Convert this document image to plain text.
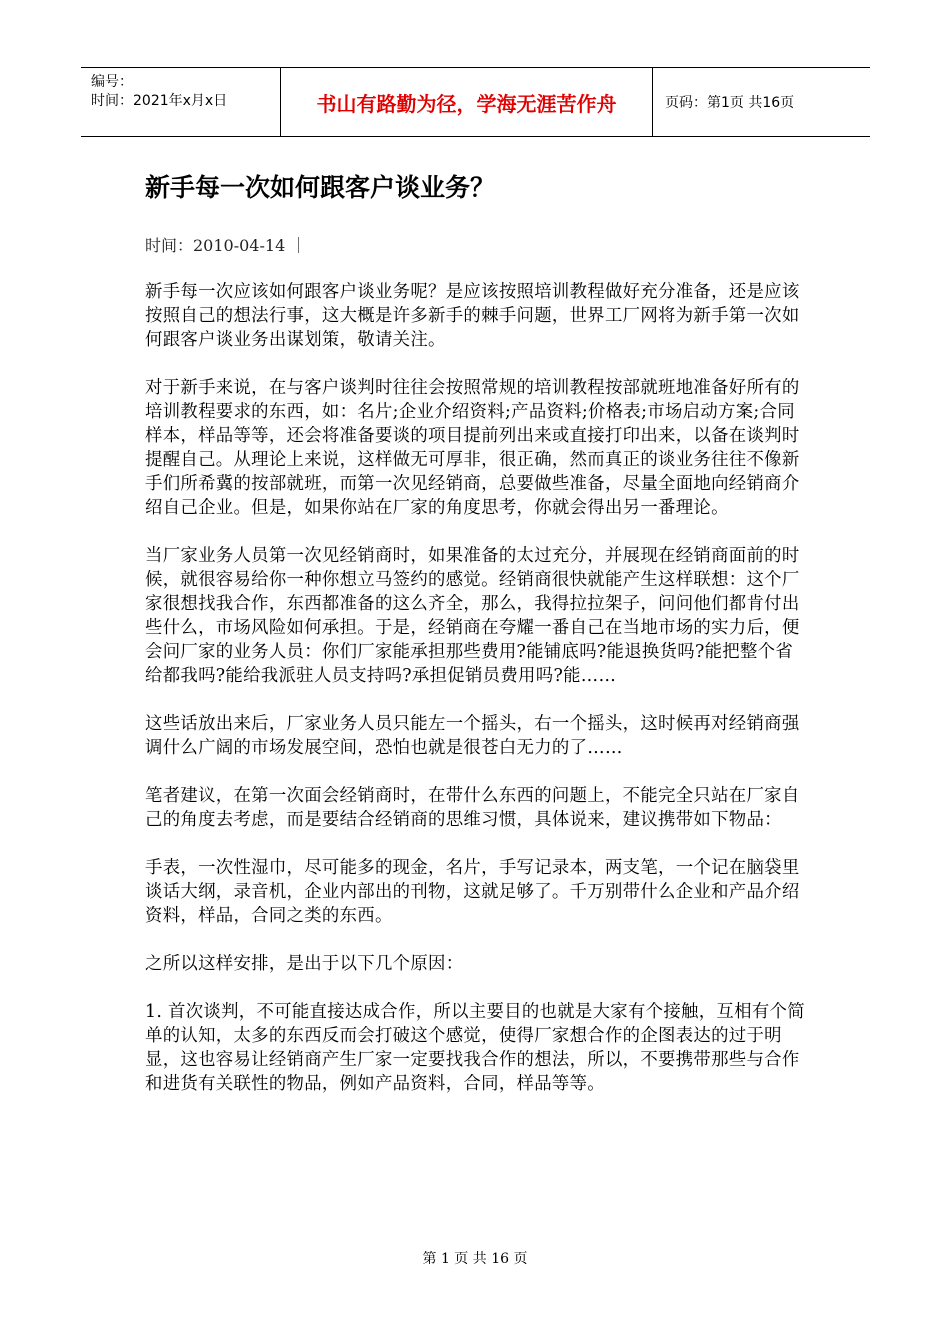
编号：
时间：2021年x月x日	书山有路勤为径，学海无涯苦作舟	页码：第1页 共16页
新手每一次如何跟客户谈业务？
时间：2010-04-14 ｜

新手每一次应该如何跟客户谈业务呢？是应该按照培训教程做好充分准备，还是应该按照自己的想法行事，这大概是许多新手的棘手问题，世界工厂网将为新手第一次如何跟客户谈业务出谋划策，敬请关注。

对于新手来说，在与客户谈判时往往会按照常规的培训教程按部就班地准备好所有的培训教程要求的东西，如：名片;企业介绍资料;产品资料;价格表;市场启动方案;合同样本，样品等等，还会将准备要谈的项目提前列出来或直接打印出来，以备在谈判时提醒自己。从理论上来说，这样做无可厚非，很正确，然而真正的谈业务往往不像新手们所希冀的按部就班，而第一次见经销商，总要做些准备，尽量全面地向经销商介绍自己企业。但是，如果你站在厂家的角度思考，你就会得出另一番理论。

当厂家业务人员第一次见经销商时，如果准备的太过充分，并展现在经销商面前的时候，就很容易给你一种你想立马签约的感觉。经销商很快就能产生这样联想：这个厂家很想找我合作，东西都准备的这么齐全，那么，我得拉拉架子，问问他们都肯付出些什么，市场风险如何承担。于是，经销商在夸耀一番自己在当地市场的实力后，便会问厂家的业务人员：你们厂家能承担那些费用?能铺底吗?能退换货吗?能把整个省给都我吗?能给我派驻人员支持吗?承担促销员费用吗?能……

这些话放出来后，厂家业务人员只能左一个摇头，右一个摇头，这时候再对经销商强调什么广阔的市场发展空间，恐怕也就是很苍白无力的了……

笔者建议，在第一次面会经销商时，在带什么东西的问题上，不能完全只站在厂家自己的角度去考虑，而是要结合经销商的思维习惯，具体说来，建议携带如下物品：

手表，一次性湿巾，尽可能多的现金，名片，手写记录本，两支笔，一个记在脑袋里谈话大纲，录音机，企业内部出的刊物，这就足够了。千万别带什么企业和产品介绍资料，样品，合同之类的东西。

之所以这样安排，是出于以下几个原因：

1. 首次谈判，不可能直接达成合作，所以主要目的也就是大家有个接触，互相有个简单的认知，太多的东西反而会打破这个感觉，使得厂家想合作的企图表达的过于明显，这也容易让经销商产生厂家一定要找我合作的想法，所以，不要携带那些与合作和进货有关联性的物品，例如产品资料，合同，样品等等。

第 1 页 共 16 页
